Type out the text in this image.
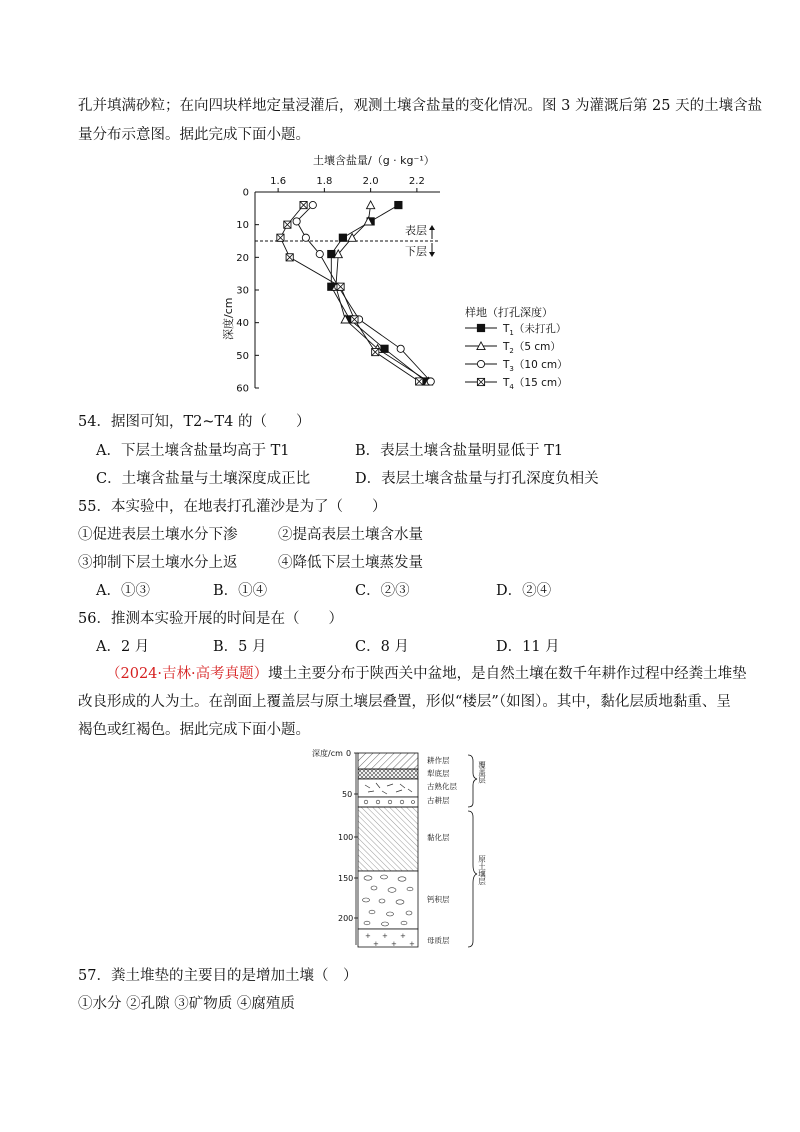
孔并填满砂粒；在向四块样地定量浸灌后，观测土壤含盐量的变化情况。图 3 为灌溉后第 25 天的土壤含盐
量分布示意图。据此完成下面小题。
土壤含盐量/（g · kg⁻¹）
深度/cm
1.6	1.8	2.0	2.2
0
10
20
30
40
50
60
表层
下层
$T_1$（未打孔）
$T_2(5$ cm）
$T_3(10$ cm）
$T_4(15$ cm）
样地（打孔深度）
54．据图可知，T2~T4 的（　　）
A．下层土壤含盐量均高于 T1	B．表层土壤含盐量明显低于 T1
C．土壤含盐量与土壤深度成正比	D．表层土壤含盐量与打孔深度负相关
55．本实验中，在地表打孔灌沙是为了（　　）
①促进表层土壤水分下渗	②提高表层土壤含水量
③抑制下层土壤水分上返	④降低下层土壤蒸发量
A．①③	B．①④	C．②③	D．②④
56．推测本实验开展的时间是在（　　）
A．2 月	B．5 月	C．8 月	D．11 月
（2024·吉林·高考真题）塿土主要分布于陕西关中盆地，是自然土壤在数千年耕作过程中经粪土堆垫
改良形成的人为土。在剖面上覆盖层与原土壤层叠置，形似“楼层”（如图）。其中，黏化层质地黏重、呈
褐色或红褐色。据此完成下面小题。
深度/cm 0
50
100
150
200
+ + +
+ + +
耕作层
犁底层
古熟化层
古耕层
黏化层
钙积层
母质层
覆盖层
原土壤层
57．粪土堆垫的主要目的是增加土壤（　）
①水分 ②孔隙 ③矿物质 ④腐殖质
